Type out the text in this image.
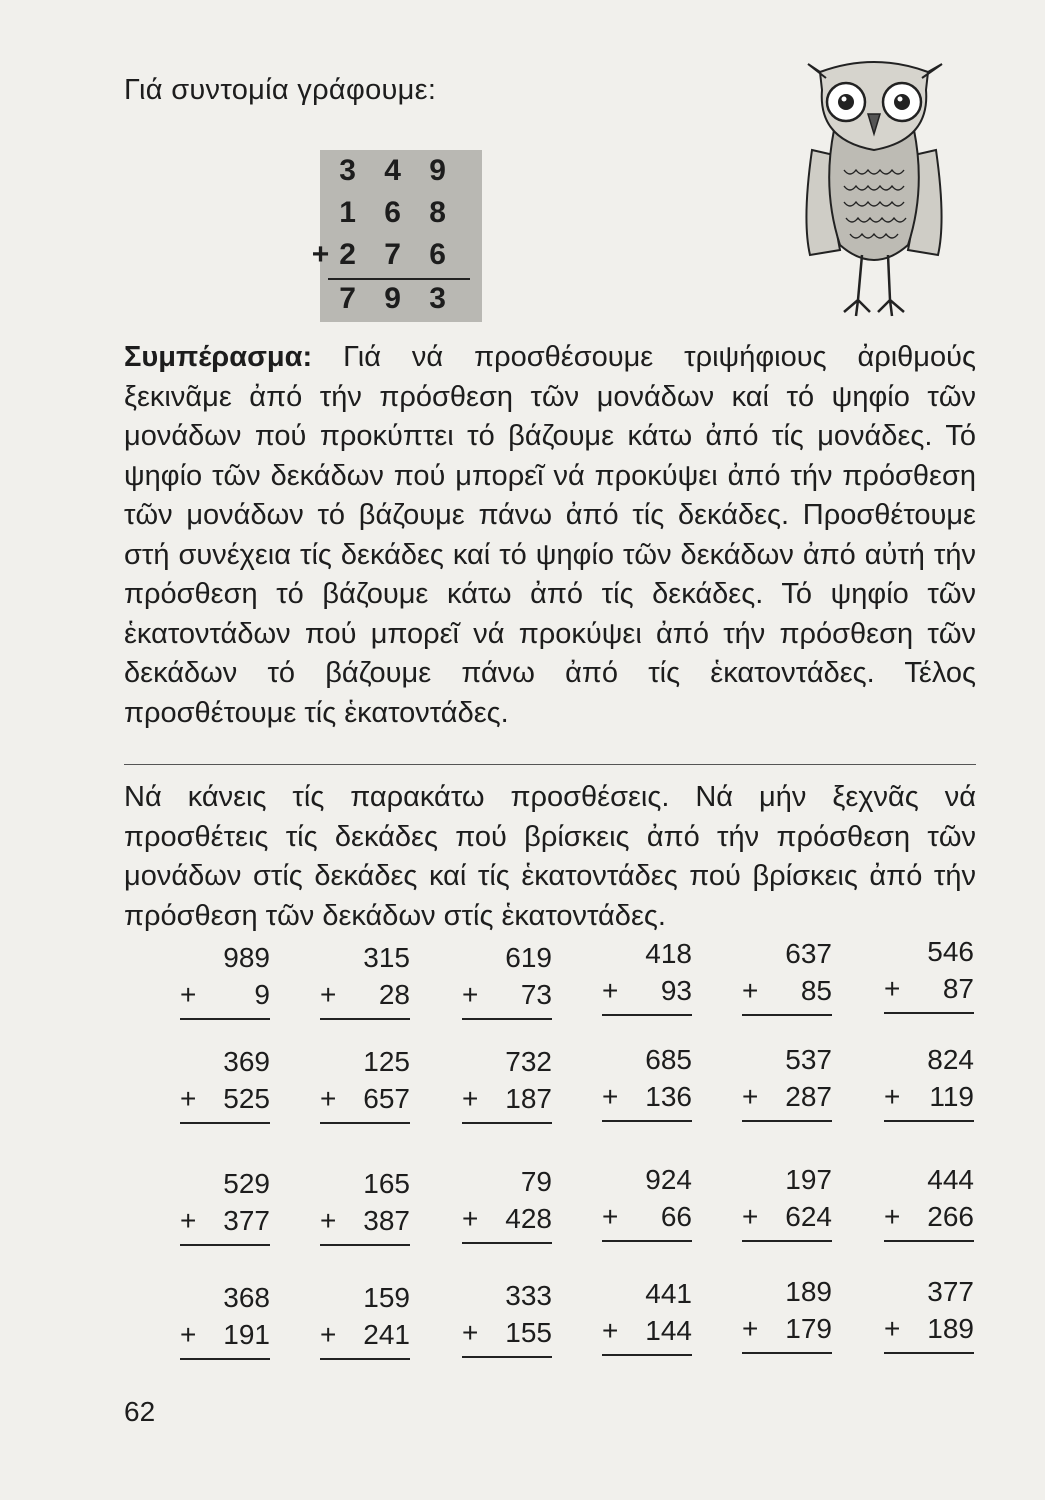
Γιά συντομία γράφουμε:

3 4 9
1 6 8
+2 7 6
7 9 3

Συμπέρασμα: Γιά νά προσθέσουμε τριψήφιους ἀριθμούς ξεκινᾶμε ἀπό τήν πρόσθεση τῶν μονάδων καί τό ψηφίο τῶν μονάδων πού προκύπτει τό βάζουμε κάτω ἀπό τίς μονάδες. Τό ψηφίο τῶν δεκάδων πού μπορεῖ νά προκύψει ἀπό τήν πρόσθεση τῶν μονάδων τό βάζουμε πάνω ἀπό τίς δεκάδες. Προσθέτουμε στή συνέχεια τίς δεκάδες καί τό ψηφίο τῶν δεκάδων ἀπό αὐτή τήν πρόσθεση τό βάζουμε κάτω ἀπό τίς δεκάδες. Τό ψηφίο τῶν ἑκατοντάδων πού μπορεῖ νά προκύψει ἀπό τήν πρόσθεση τῶν δεκάδων τό βάζουμε πάνω ἀπό τίς ἑκατοντάδες. Τέλος προσθέτουμε τίς ἑκατοντάδες.

Νά κάνεις τίς παρακάτω προσθέσεις. Νά μήν ξεχνᾶς νά προσθέτεις τίς δεκάδες πού βρίσκεις ἀπό τήν πρόσθεση τῶν μονάδων στίς δεκάδες καί τίς ἑκατοντάδες πού βρίσκεις ἀπό τήν πρόσθεση τῶν δεκάδων στίς ἑκατοντάδες.

989
+ 9
315
+ 28
619
+ 73
418
+ 93
637
+ 85
546
+ 87
369
+ 525
125
+ 657
732
+ 187
685
+ 136
537
+ 287
824
+ 119
529
+ 377
165
+ 387
79
+ 428
924
+ 66
197
+ 624
444
+ 266
368
+ 191
159
+ 241
333
+ 155
441
+ 144
189
+ 179
377
+ 189
62
